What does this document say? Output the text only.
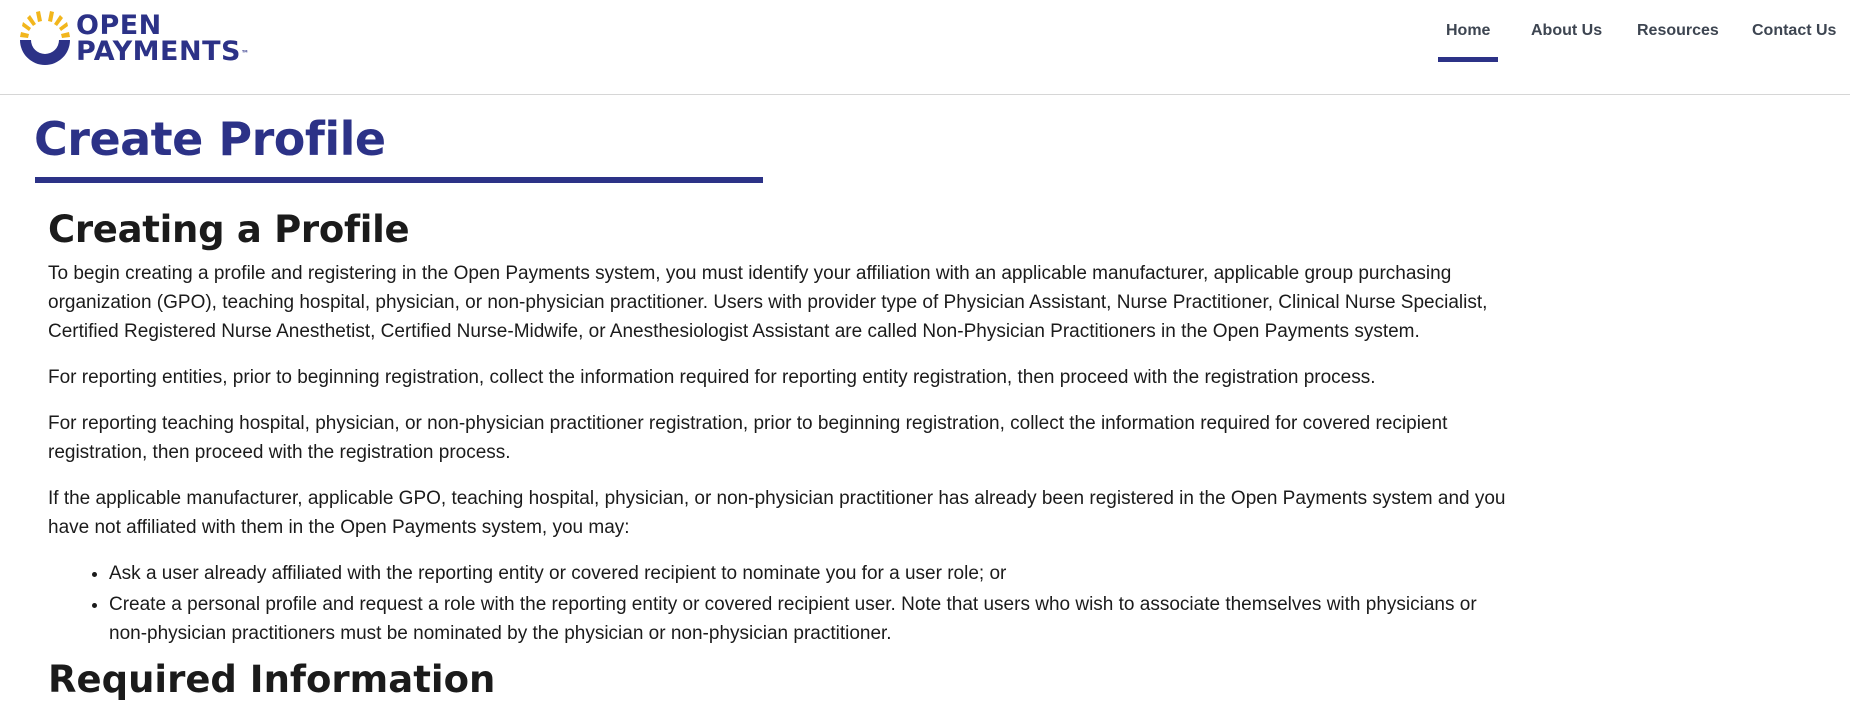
OPEN
PAYMENTS™
Home	About Us Resources Contact Us
Create Profile
Creating a Profile

To begin creating a profile and registering in the Open Payments system, you must identify your affiliation with an applicable manufacturer, applicable group purchasing organization (GPO), teaching hospital, physician, or non-physician practitioner. Users with provider type of Physician Assistant, Nurse Practitioner, Clinical Nurse Specialist, Certified Registered Nurse Anesthetist, Certified Nurse-Midwife, or Anesthesiologist Assistant are called Non-Physician Practitioners in the Open Payments system.

For reporting entities, prior to beginning registration, collect the information required for reporting entity registration, then proceed with the registration process.

For reporting teaching hospital, physician, or non-physician practitioner registration, prior to beginning registration, collect the information required for covered recipient registration, then proceed with the registration process.

If the applicable manufacturer, applicable GPO, teaching hospital, physician, or non-physician practitioner has already been registered in the Open Payments system and you have not affiliated with them in the Open Payments system, you may:

• Ask a user already affiliated with the reporting entity or covered recipient to nominate you for a user role; or
• Create a personal profile and request a role with the reporting entity or covered recipient user. Note that users who wish to associate themselves with physicians or non-physician practitioners must be nominated by the physician or non-physician practitioner.
Required Information
